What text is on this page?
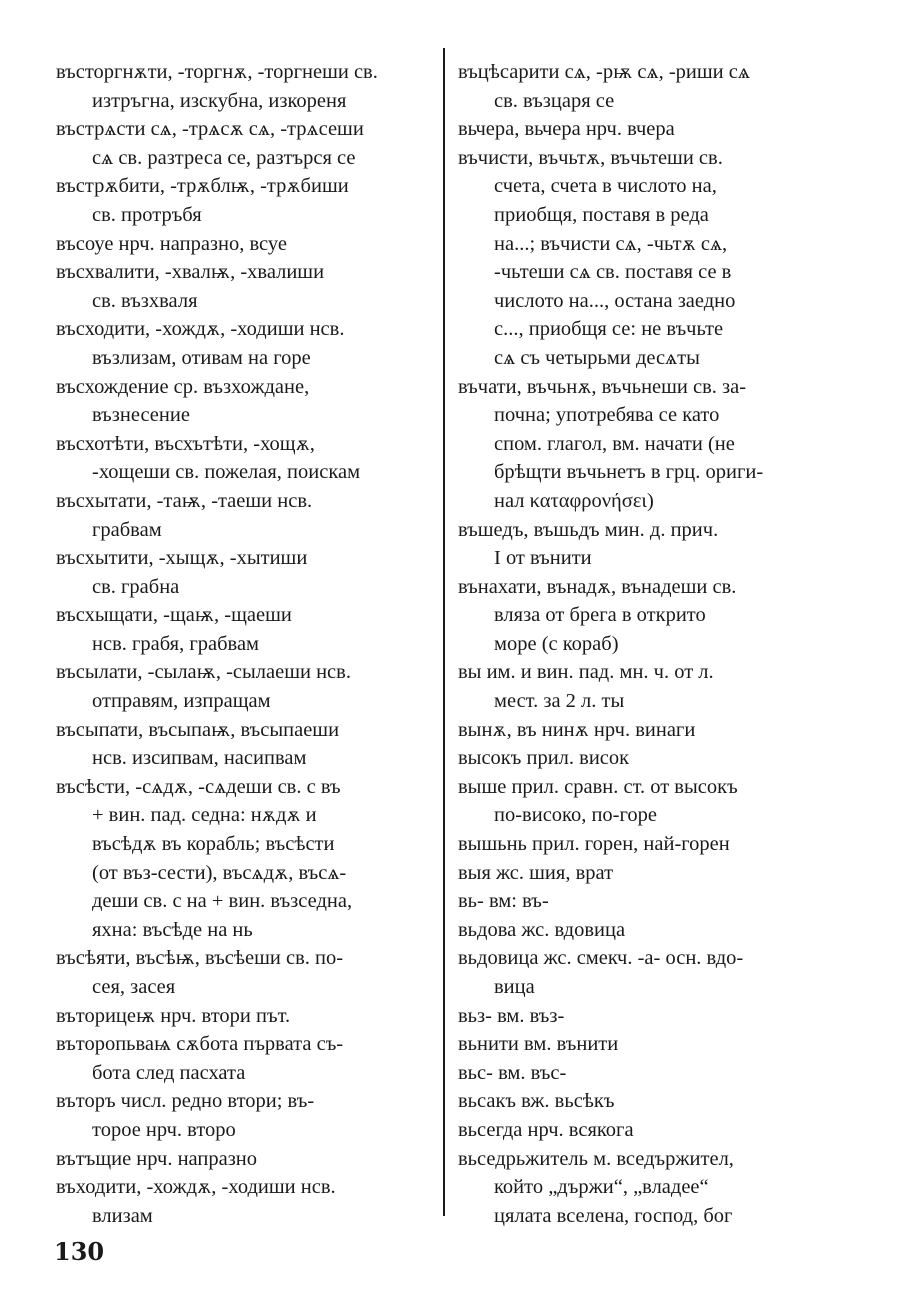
въсторгнѫти, -торгнѫ, -торгнеши св.
изтръгна, изскубна, изкореня
въстрѧсти сѧ, -трѧсѫ сѧ, -трѧсеши
сѧ св. разтреса се, разтърся се
въстрѫбити, -трѫблѭ, -трѫбиши
св. протръбя
въсоуе нрч. напразно, всуе
въсхвалити, -хвалѭ, -хвалиши
св. възхваля
въсходити, -хождѫ, -ходиши нсв.
възлизам, отивам на горе
въсхождение ср. възхождане,
възнесение
въсхотѣти, въсхътѣти, -хощѫ,
-хощеши св. пожелая, поискам
въсхытати, -таѭ, -таеши нсв.
грабвам
въсхытити, -хыщѫ, -хытиши
св. грабна
въсхыщати, -щаѭ, -щаеши
нсв. грабя, грабвам
въсылати, -сылаѭ, -сылаеши нсв.
отправям, изпращам
въсыпати, въсыпаѭ, въсыпаеши
нсв. изсипвам, насипвам
въсѣсти, -сѧдѫ, -сѧдеши св. с въ
+ вин. пад. седна: нѫдѫ и
въсѣдѫ въ корабль; въсѣсти
(от въз-сести), въсѧдѫ, въсѧ-
деши св. с на + вин. възседна,
яхна: въсѣде на нь
въсѣяти, въсѣѭ, въсѣеши св. по-
сея, засея
въторицеѭ нрч. втори път.
въторопьваѩ сѫбота първата съ-
бота след пасхата
въторъ числ. редно втори; въ-
торое нрч. второ
вътъщие нрч. напразно
въходити, -хождѫ, -ходиши нсв.
влизам
въцѣсарити сѧ, -рѭ сѧ, -риши сѧ
св. възцаря се
вьчера, вьчера нрч. вчера
въчисти, въчьтѫ, въчьтеши св.
счета, счета в числото на,
приобщя, поставя в реда
на...; въчисти сѧ, -чьтѫ сѧ,
-чьтеши сѧ св. поставя се в
числото на..., остана заедно
с..., приобщя се: не въчьте
сѧ съ четырьми десѧты
въчати, въчьнѫ, въчьнеши св. за-
почна; употребява се като
спом. глагол, вм. начати (не
брѣщти въчьнетъ в грц. ориги-
нал καταφρονήσει)
въшедъ, въшьдъ мин. д. прич.
I от вънити
вънахати, вънадѫ, вънадеши св.
вляза от брега в открито
море (с кораб)
вы им. и вин. пад. мн. ч. от л.
мест. за 2 л. ты
вынѫ, въ нинѫ нрч. винаги
высокъ прил. висок
выше прил. сравн. ст. от высокъ
по-високо, по-горе
вышьнь прил. горен, най-горен
выя жс. шия, врат
вь- вм: въ-
вьдова жс. вдовица
вьдовица жс. смекч. -а- осн. вдо-
вица
вьз- вм. въз-
вьнити вм. вънити
вьс- вм. въс-
вьсакъ вж. вьсѣкъ
вьсегда нрч. всякога
вьседрьжитель м. вседържител,
който „държи“, „владее“
цялата вселена, господ, бог
130
